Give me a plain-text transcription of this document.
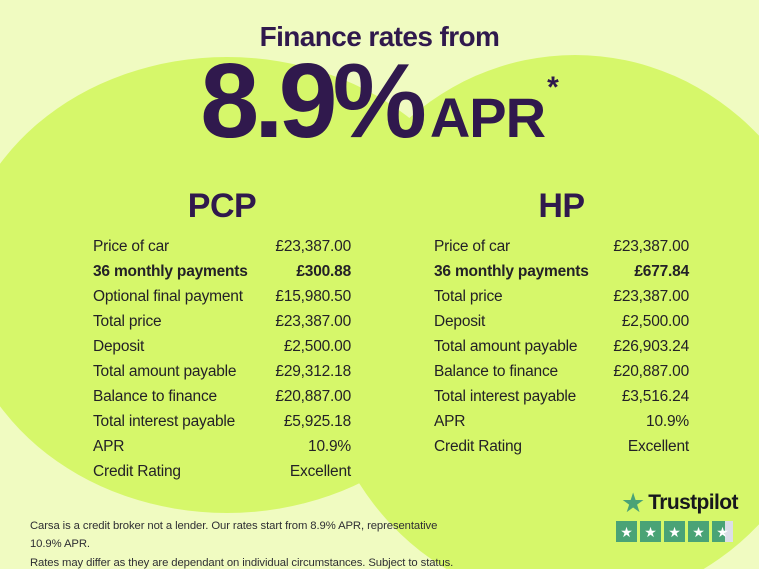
Finance rates from
8.9% APR*
PCP
Price of car	£23,387.00
36 monthly payments	£300.88
Optional final payment £15,980.50
Total price	£23,387.00
Deposit	£2,500.00
Total amount payable	£29,312.18
Balance to finance	£20,887.00
Total interest payable	£5,925.18
APR	10.9%
Credit Rating	Excellent
HP
Price of car	£23,387.00
36 monthly payments	£677.84
Total price	£23,387.00
Deposit	£2,500.00
Total amount payable £26,903.24
Balance to finance	£20,887.00
Total interest payable	£3,516.24
APR	10.9%
Credit Rating	Excellent
Carsa is a credit broker not a lender. Our rates start from 8.9% APR, representative 10.9% APR.
Rates may differ as they are dependant on individual circumstances. Subject to status.
★ Trustpilot
★ ★ ★ ★ ★
